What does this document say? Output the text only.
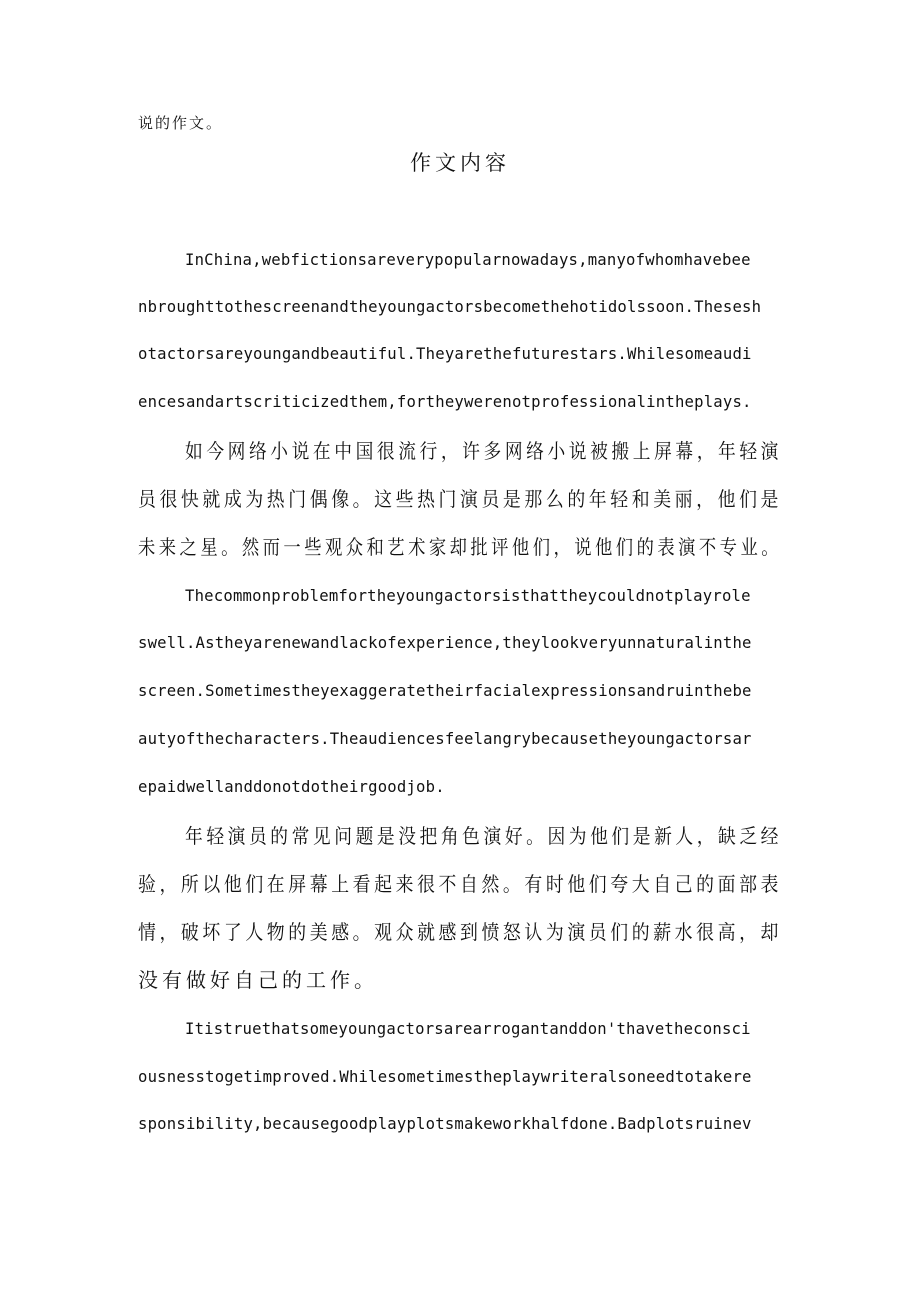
说的作文。
作文内容
InChina,webfictionsareverypopularnowadays,manyofwhomhavebee
nbroughttothescreenandtheyoungactorsbecomethehotidolssoon.Thesesh
otactorsareyoungandbeautiful.Theyarethefuturestars.Whilesomeaudi
encesandartscriticizedthem,fortheywerenotprofessionalintheplays.
如今网络小说在中国很流行，许多网络小说被搬上屏幕，年轻演
员很快就成为热门偶像。这些热门演员是那么的年轻和美丽，他们是
未来之星。然而一些观众和艺术家却批评他们，说他们的表演不专业。
Thecommonproblemfortheyoungactorsisthattheycouldnotplayrole
swell.Astheyarenewandlackofexperience,theylookveryunnaturalinthe
screen.Sometimestheyexaggeratetheirfacialexpressionsandruinthebe
autyofthecharacters.Theaudiencesfeelangrybecausetheyoungactorsar
epaidwellanddonotdotheirgoodjob.
年轻演员的常见问题是没把角色演好。因为他们是新人，缺乏经
验，所以他们在屏幕上看起来很不自然。有时他们夸大自己的面部表
情，破坏了人物的美感。观众就感到愤怒认为演员们的薪水很高，却
没有做好自己的工作。
Itistruethatsomeyoungactorsarearrogantanddon'thavetheconsci
ousnesstogetimproved.Whilesometimestheplaywriteralsoneedtotakere
sponsibility,becausegoodplayplotsmakeworkhalfdone.Badplotsruinev
